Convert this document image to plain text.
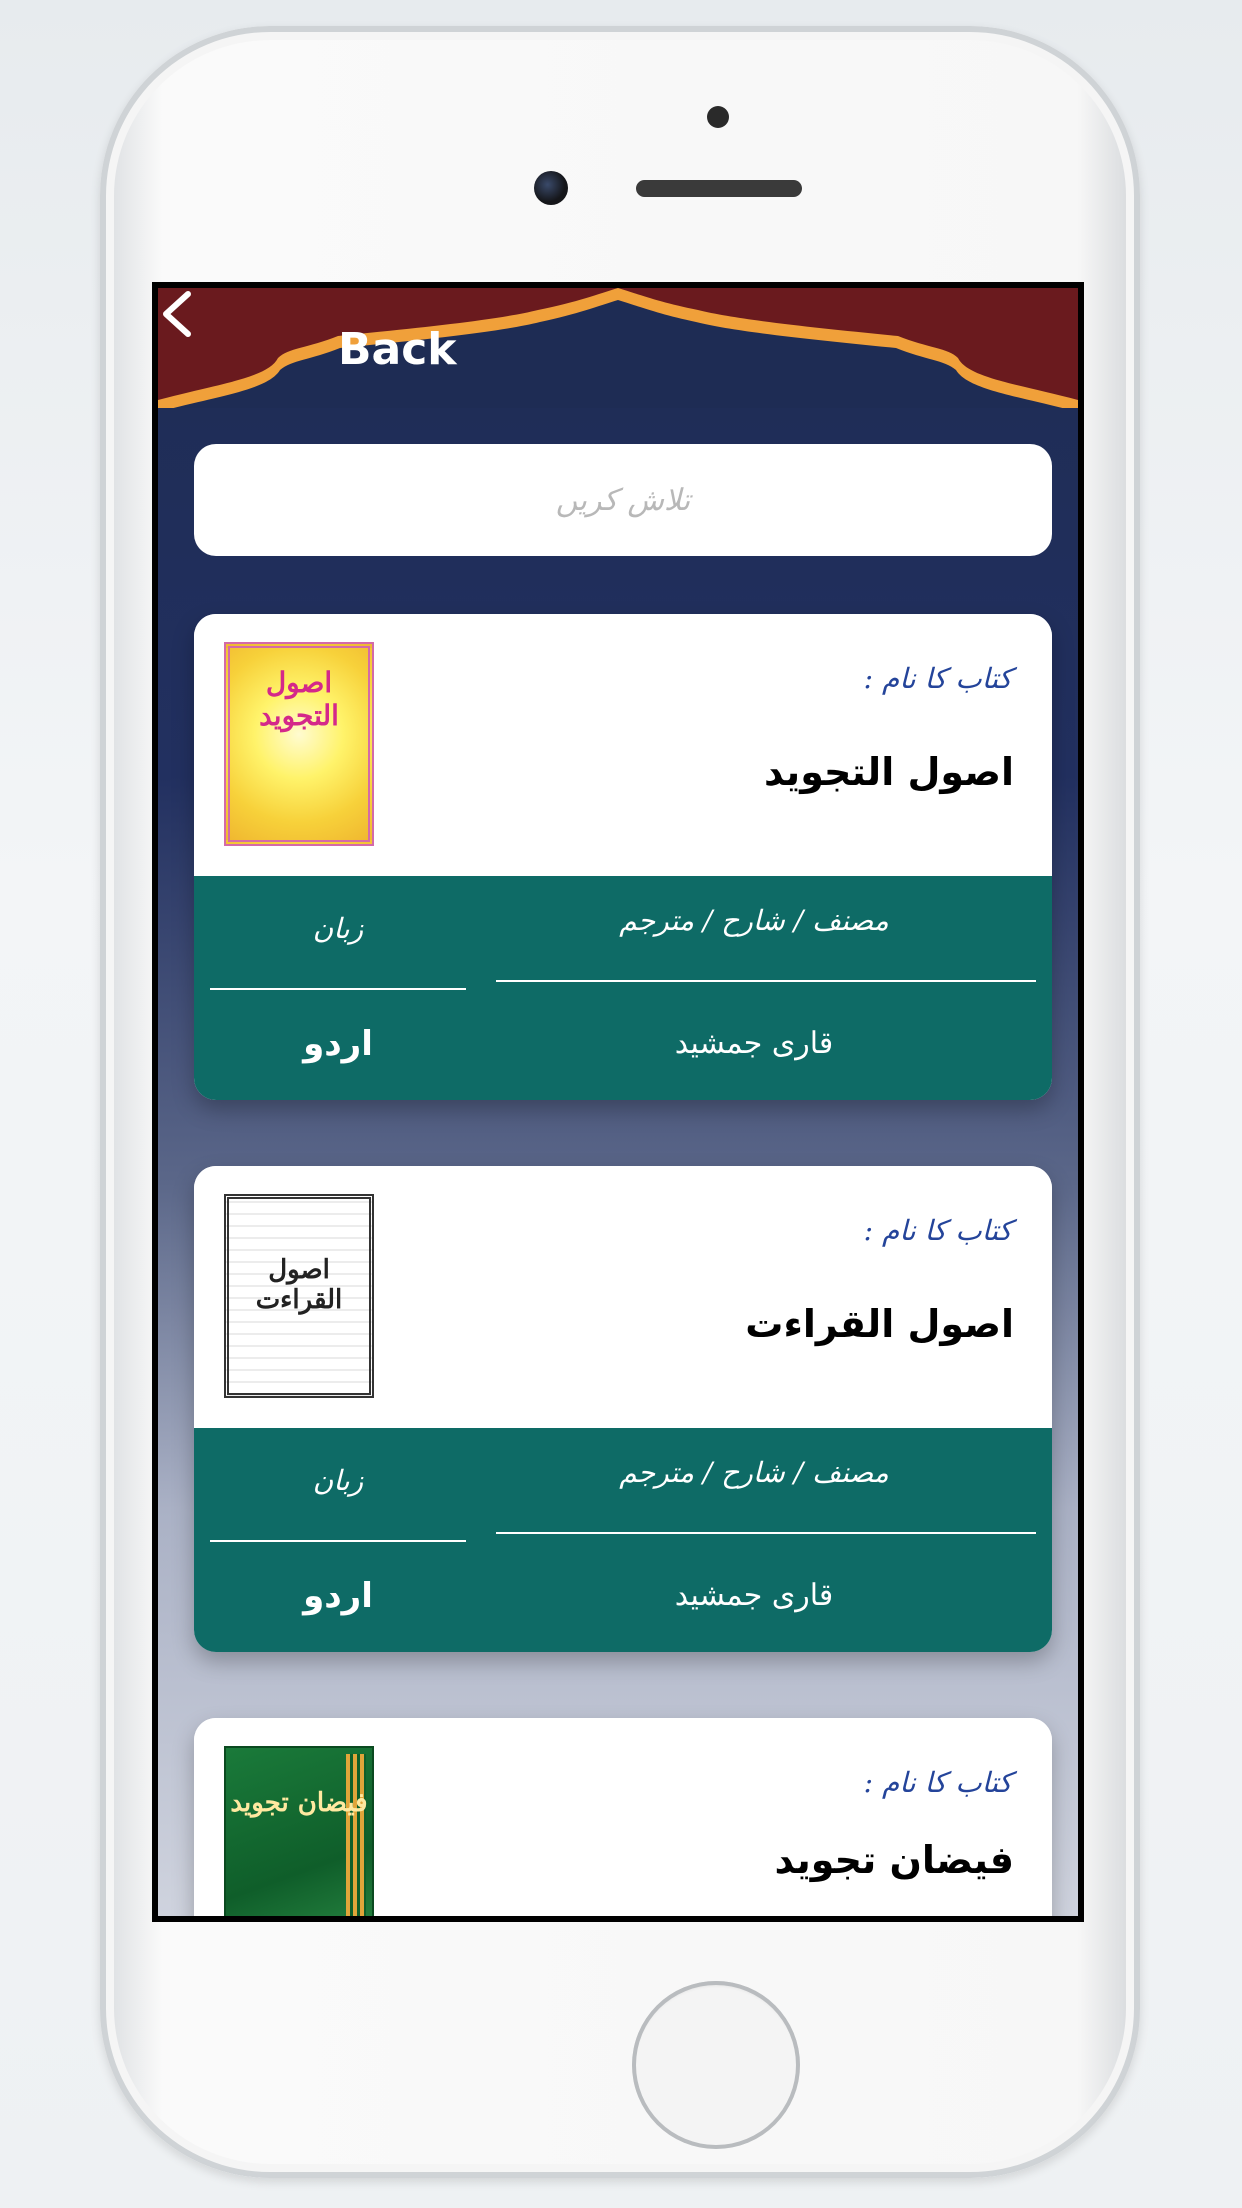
Back
تلاش کریں
اصول التجوید
کتاب کا نام :
اصول التجوید
مصنف / شارح / مترجم
قاری جمشید
زبان
اردو
اصول القراءت
کتاب کا نام :
اصول القراءت
مصنف / شارح / مترجم
قاری جمشید
زبان
اردو
فیضان تجوید
کتاب کا نام :
فیضان تجوید
